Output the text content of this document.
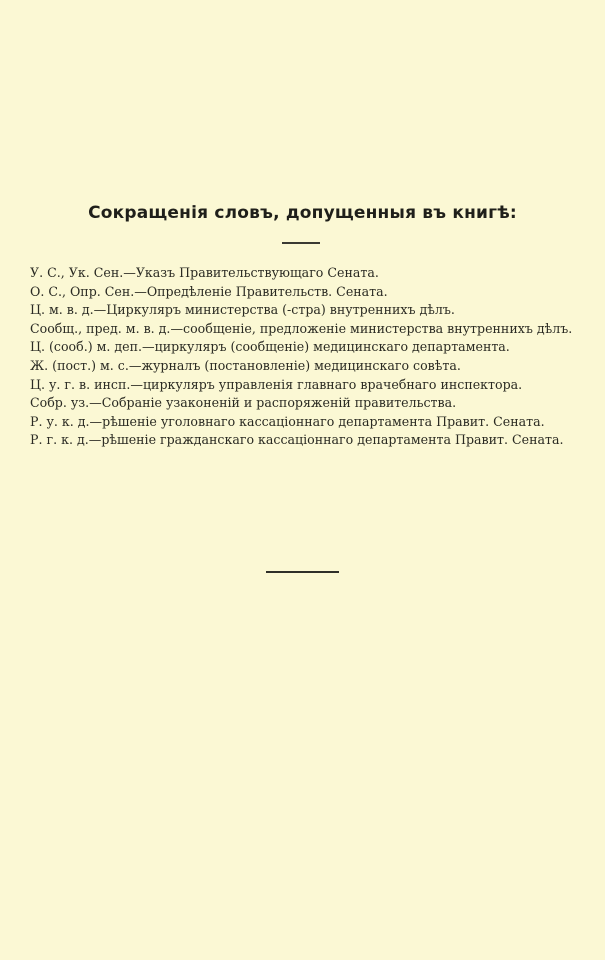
Сокращенія словъ, допущенныя въ книгѣ:
У. С., Ук. Сен.—Указъ Правительствующаго Сената.
О. С., Опр. Сен.—Опредѣленіе Правительств. Сената.
Ц. м. в. д.—Циркуляръ министерства (-стра) внутреннихъ дѣлъ.
Сообщ., пред. м. в. д.—сообщеніе, предложеніе министерства внутреннихъ дѣлъ.
Ц. (сооб.) м. деп.—циркуляръ (сообщеніе) медицинскаго департамента.
Ж. (пост.) м. с.—журналъ (постановленіе) медицинскаго совѣта.
Ц. у. г. в. инсп.—циркуляръ управленія главнаго врачебнаго инспектора.
Собр. уз.—Собраніе узаконеній и распоряженій правительства.
Р. у. к. д.—рѣшеніе уголовнаго кассаціоннаго департамента Правит. Сената.
Р. г. к. д.—рѣшеніе гражданскаго кассаціоннаго департамента Правит. Сената.
